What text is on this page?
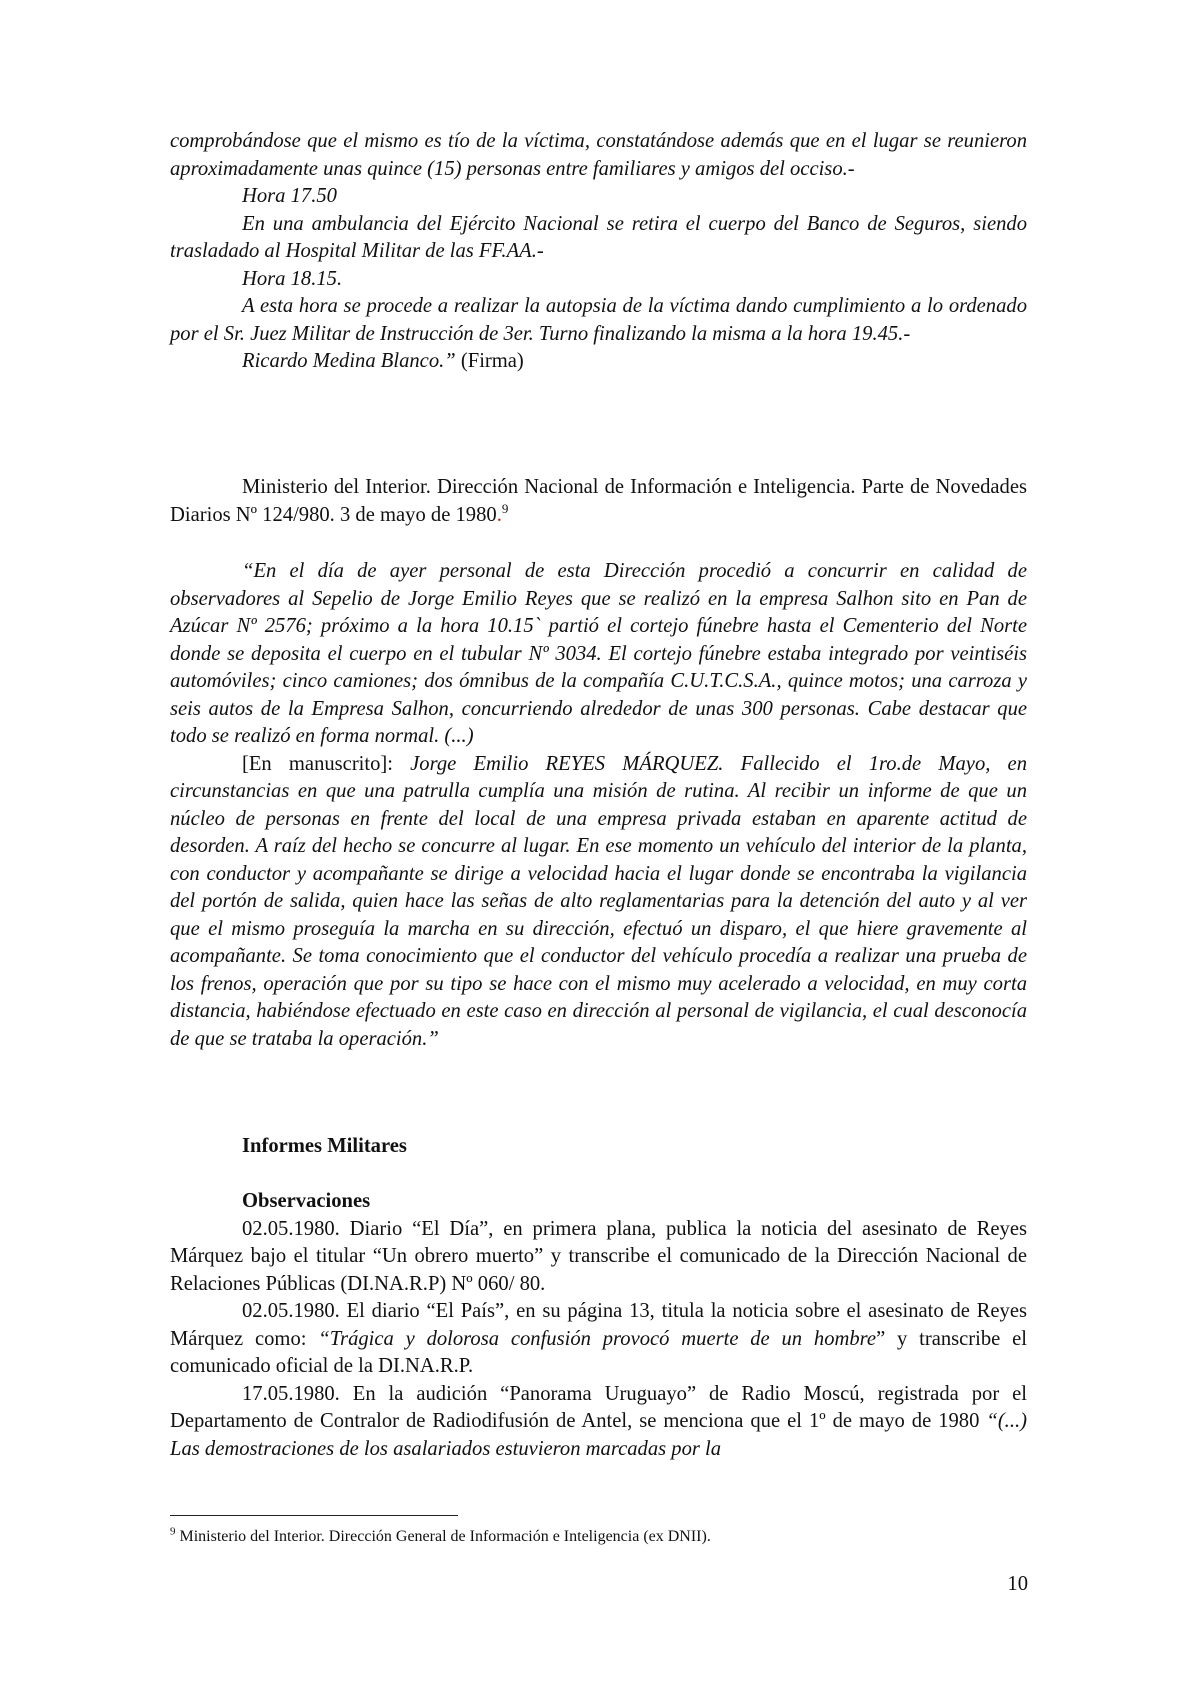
comprobándose que el mismo es tío de la víctima, constatándose además que en el lugar se reunieron aproximadamente unas quince (15) personas entre familiares y amigos del occiso.-

Hora 17.50

En una ambulancia del Ejército Nacional se retira el cuerpo del Banco de Seguros, siendo trasladado al Hospital Militar de las FF.AA.-

Hora 18.15.

A esta hora se procede a realizar la autopsia de la víctima dando cumplimiento a lo ordenado por el Sr. Juez Militar de Instrucción de 3er. Turno finalizando la misma a la hora 19.45.-

Ricardo Medina Blanco.” (Firma)

Ministerio del Interior. Dirección Nacional de Información e Inteligencia. Parte de Novedades Diarios Nº 124/980. 3 de mayo de 1980.$^9$

“En el día de ayer personal de esta Dirección procedió a concurrir en calidad de observadores al Sepelio de Jorge Emilio Reyes que se realizó en la empresa Salhon sito en Pan de Azúcar Nº 2576; próximo a la hora 10.15` partió el cortejo fúnebre hasta el Cementerio del Norte donde se deposita el cuerpo en el tubular Nº 3034. El cortejo fúnebre estaba integrado por veintiséis automóviles; cinco camiones; dos ómnibus de la compañía C.U.T.C.S.A., quince motos; una carroza y seis autos de la Empresa Salhon, concurriendo alrededor de unas 300 personas. Cabe destacar que todo se realizó en forma normal. (...)

[En manuscrito]: Jorge Emilio REYES MÁRQUEZ. Fallecido el 1ro.de Mayo, en circunstancias en que una patrulla cumplía una misión de rutina. Al recibir un informe de que un núcleo de personas en frente del local de una empresa privada estaban en aparente actitud de desorden. A raíz del hecho se concurre al lugar. En ese momento un vehículo del interior de la planta, con conductor y acompañante se dirige a velocidad hacia el lugar donde se encontraba la vigilancia del portón de salida, quien hace las señas de alto reglamentarias para la detención del auto y al ver que el mismo proseguía la marcha en su dirección, efectuó un disparo, el que hiere gravemente al acompañante. Se toma conocimiento que el conductor del vehículo procedía a realizar una prueba de los frenos, operación que por su tipo se hace con el mismo muy acelerado a velocidad, en muy corta distancia, habiéndose efectuado en este caso en dirección al personal de vigilancia, el cual desconocía de que se trataba la operación.”

Informes Militares

Observaciones

02.05.1980. Diario “El Día”, en primera plana, publica la noticia del asesinato de Reyes Márquez bajo el titular “Un obrero muerto” y transcribe el comunicado de la Dirección Nacional de Relaciones Públicas (DI.NA.R.P) Nº 060/ 80.

02.05.1980. El diario “El País”, en su página 13, titula la noticia sobre el asesinato de Reyes Márquez como: “Trágica y dolorosa confusión provocó muerte de un hombre” y transcribe el comunicado oficial de la DI.NA.R.P.

17.05.1980. En la audición “Panorama Uruguayo” de Radio Moscú, registrada por el Departamento de Contralor de Radiodifusión de Antel, se menciona que el 1º de mayo de 1980 “(...) Las demostraciones de los asalariados estuvieron marcadas por la

$^9$ Ministerio del Interior. Dirección General de Información e Inteligencia (ex DNII).
10
